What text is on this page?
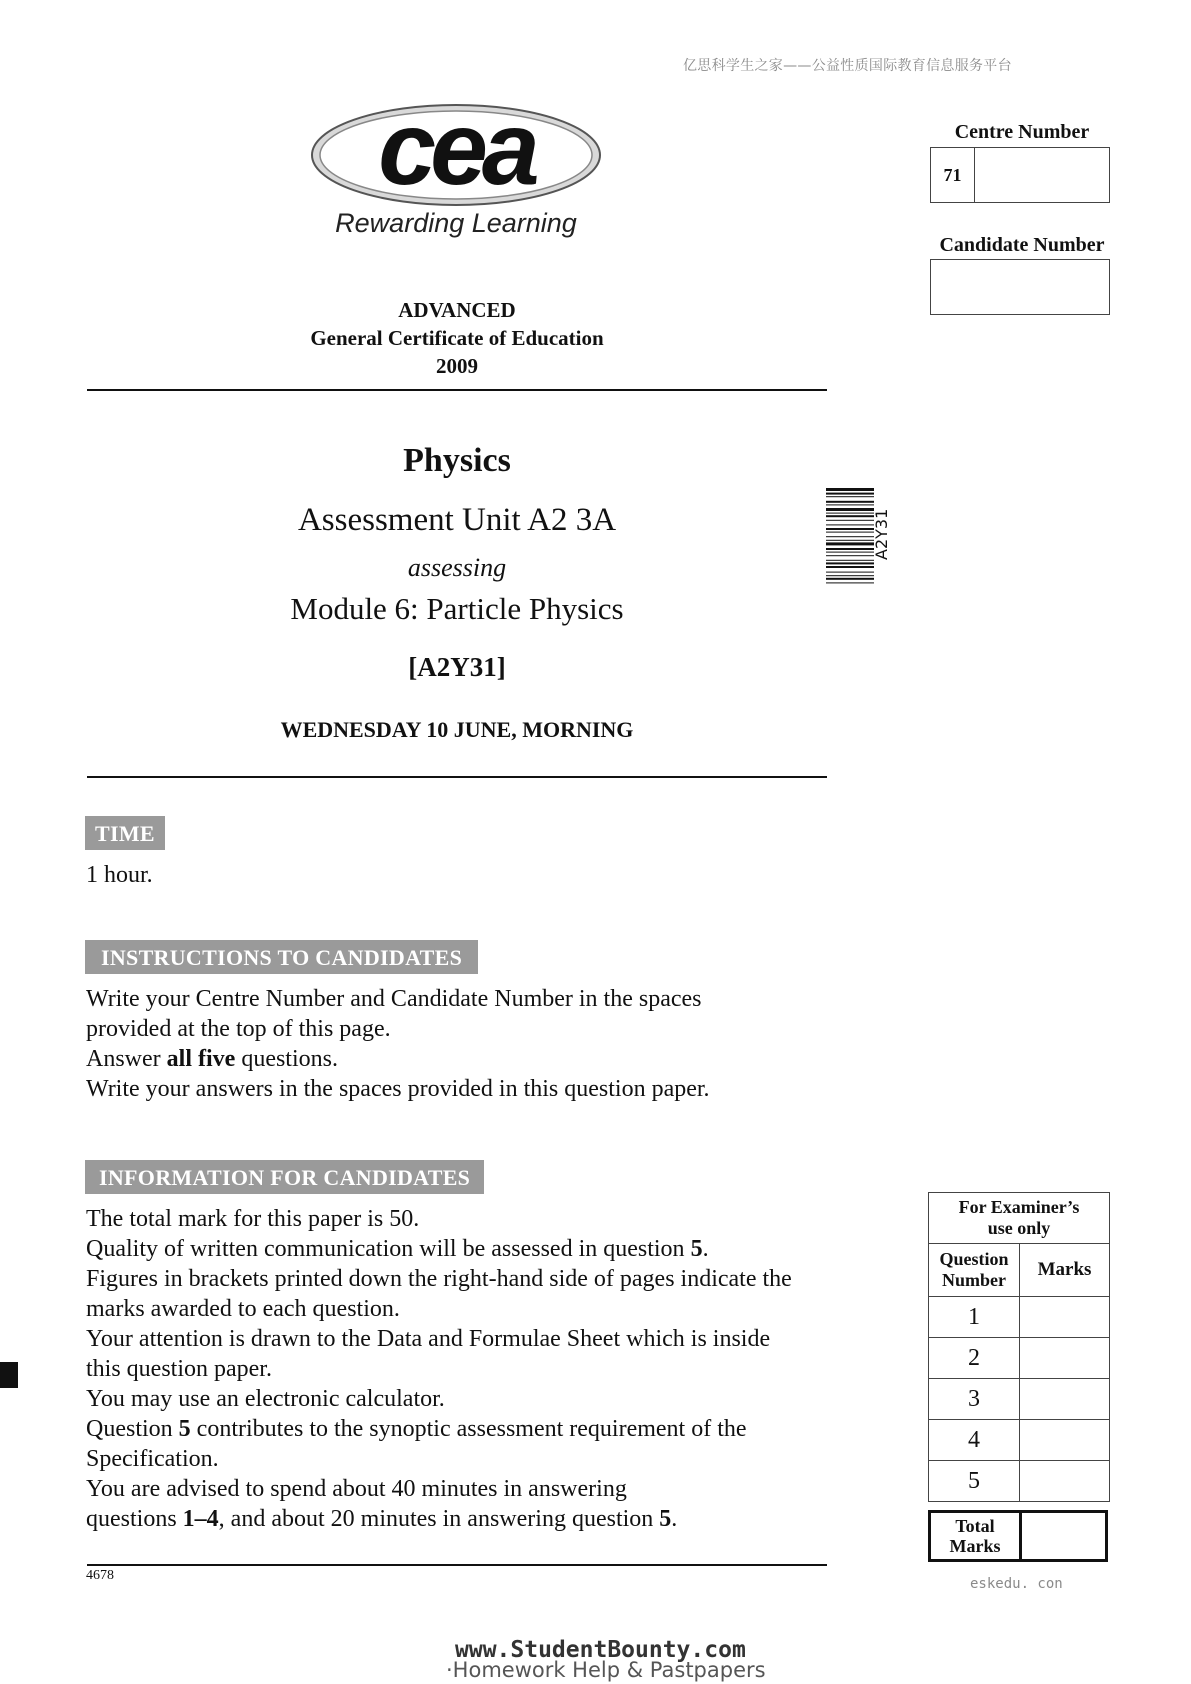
亿思科学生之家——公益性质国际教育信息服务平台
cea
Rewarding Learning
ADVANCED
General Certificate of Education
2009
Physics
Assessment Unit A2 3A
assessing
Module 6: Particle Physics
[A2Y31]
WEDNESDAY 10 JUNE, MORNING
A2Y31
Centre Number
71
Candidate Number
TIME
1 hour.
INSTRUCTIONS TO CANDIDATES
Write your Centre Number and Candidate Number in the spaces
provided at the top of this page.
Answer all five questions.
Write your answers in the spaces provided in this question paper.
INFORMATION FOR CANDIDATES
The total mark for this paper is 50.
Quality of written communication will be assessed in question 5.
Figures in brackets printed down the right-hand side of pages indicate the
marks awarded to each question.
Your attention is drawn to the Data and Formulae Sheet which is inside
this question paper.
You may use an electronic calculator.
Question 5 contributes to the synoptic assessment requirement of the
Specification.
You are advised to spend about 40 minutes in answering
questions 1–4, and about 20 minutes in answering question 5.
4678
For Examiner’s
use only	

Question
Number	Marks
1	
2	
3	
4	
5	
Total
Marks
eskedu. con
www.StudentBounty.com
·Homework Help & Pastpapers
